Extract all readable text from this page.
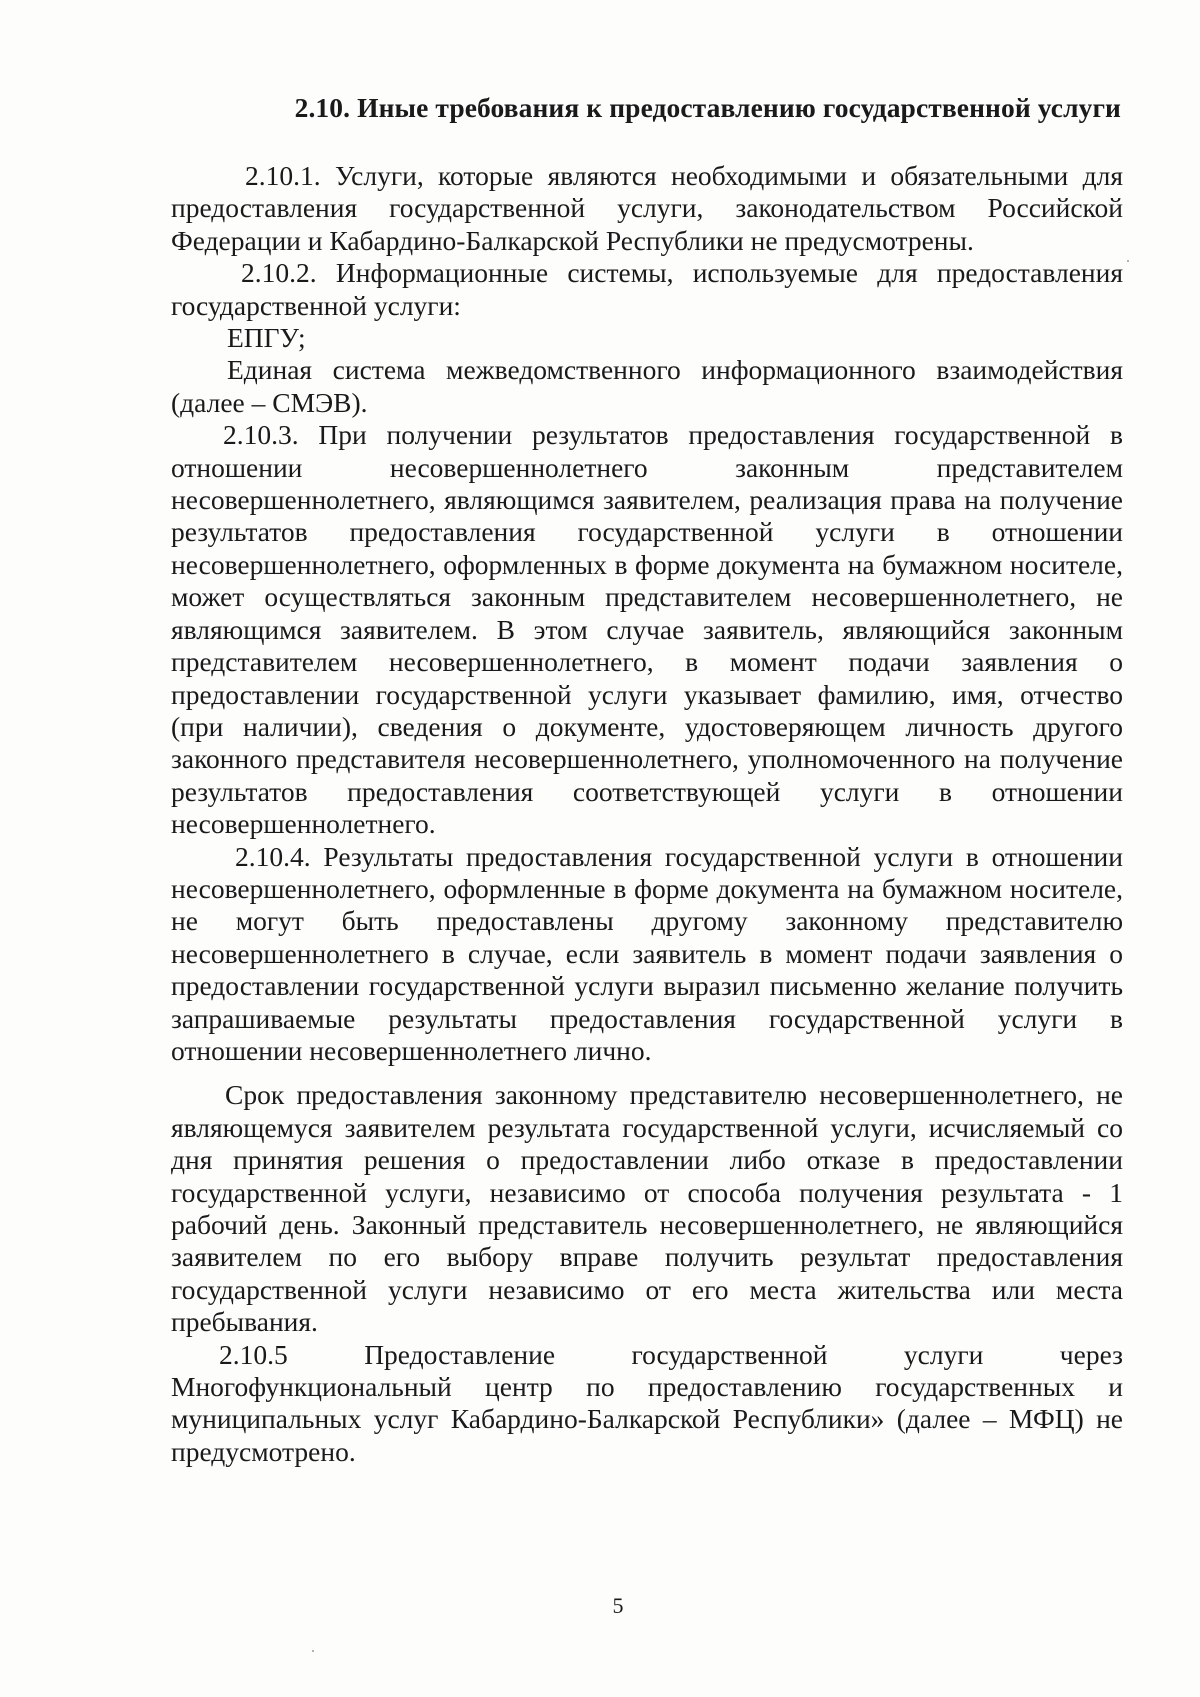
2.10. Иные требования к предоставлению государственной услуги

2.10.1. Услуги, которые являются необходимыми и обязательными для предоставления государственной услуги, законодательством Российской Федерации и Кабардино-Балкарской Республики не предусмотрены.

2.10.2. Информационные системы, используемые для предоставления государственной услуги:

ЕПГУ;

Единая система межведомственного информационного взаимодействия (далее – СМЭВ).

2.10.3. При получении результатов предоставления государственной в отношении несовершеннолетнего законным представителем несовершеннолетнего, являющимся заявителем, реализация права на получение результатов предоставления государственной услуги в отношении несовершеннолетнего, оформленных в форме документа на бумажном носителе, может осуществляться законным представителем несовершеннолетнего, не являющимся заявителем. В этом случае заявитель, являющийся законным представителем несовершеннолетнего, в момент подачи заявления о предоставлении государственной услуги указывает фамилию, имя, отчество (при наличии), сведения о документе, удостоверяющем личность другого законного представителя несовершеннолетнего, уполномоченного на получение результатов предоставления соответствующей услуги в отношении несовершеннолетнего.

2.10.4. Результаты предоставления государственной услуги в отношении несовершеннолетнего, оформленные в форме документа на бумажном носителе, не могут быть предоставлены другому законному представителю несовершеннолетнего в случае, если заявитель в момент подачи заявления о предоставлении государственной услуги выразил письменно желание получить запрашиваемые результаты предоставления государственной услуги в отношении несовершеннолетнего лично.

Срок предоставления законному представителю несовершеннолетнего, не являющемуся заявителем результата государственной услуги, исчисляемый со дня принятия решения о предоставлении либо отказе в предоставлении государственной услуги, независимо от способа получения результата - 1 рабочий день. Законный представитель несовершеннолетнего, не являющийся заявителем по его выбору вправе получить результат предоставления государственной услуги независимо от его места жительства или места пребывания.

2.10.5 Предоставление государственной услуги через Многофункциональный центр по предоставлению государственных и муниципальных услуг Кабардино-Балкарской Республики» (далее – МФЦ) не предусмотрено.

5
